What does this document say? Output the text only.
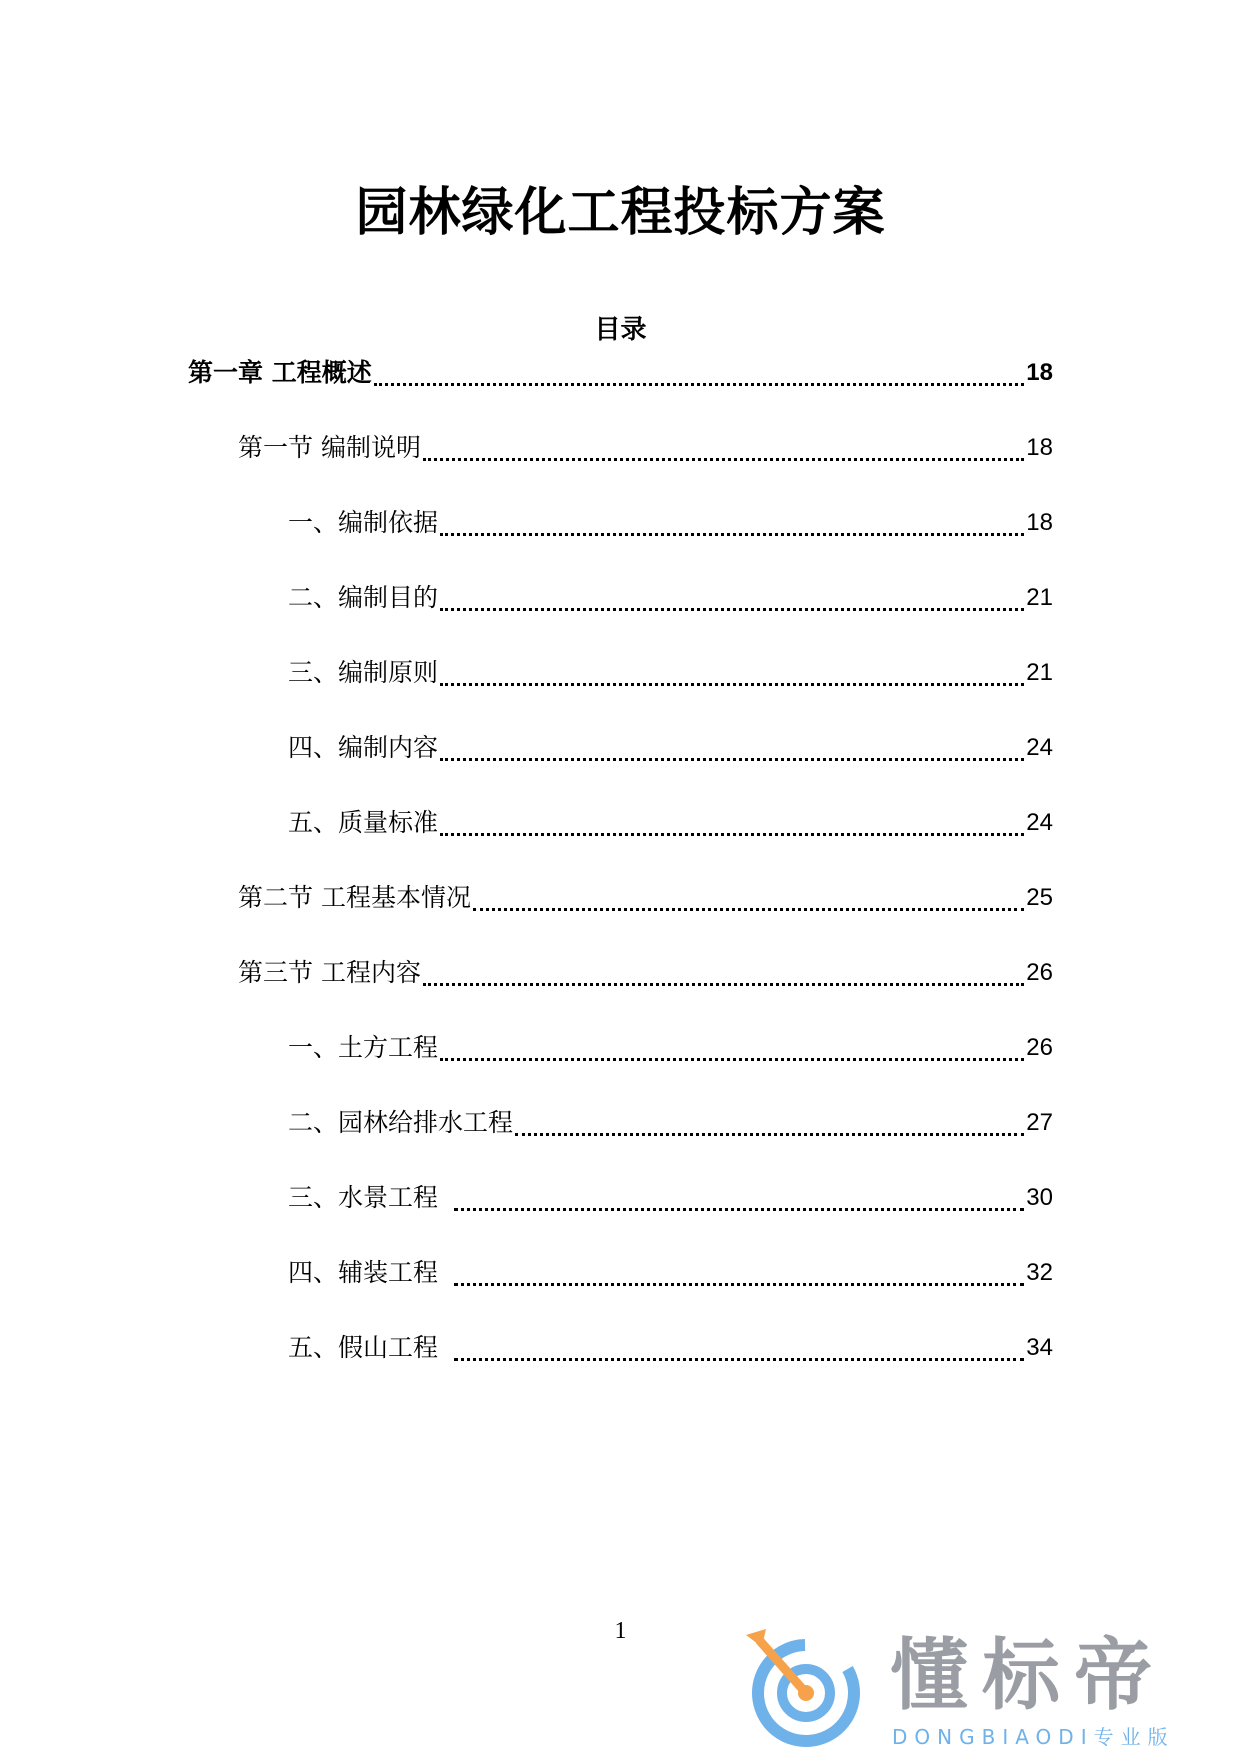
园林绿化工程投标方案
目录
第一章 工程概述	18
第一节 编制说明	18
一、编制依据	18
二、编制目的	21
三、编制原则	21
四、编制内容	24
五、质量标准	24
第二节 工程基本情况	25
第三节 工程内容	26
一、土方工程	26
二、园林给排水工程	27
三、水景工程	30
四、辅装工程	32
五、假山工程	34
1	懂标帝
DONGBIAODI专业版
